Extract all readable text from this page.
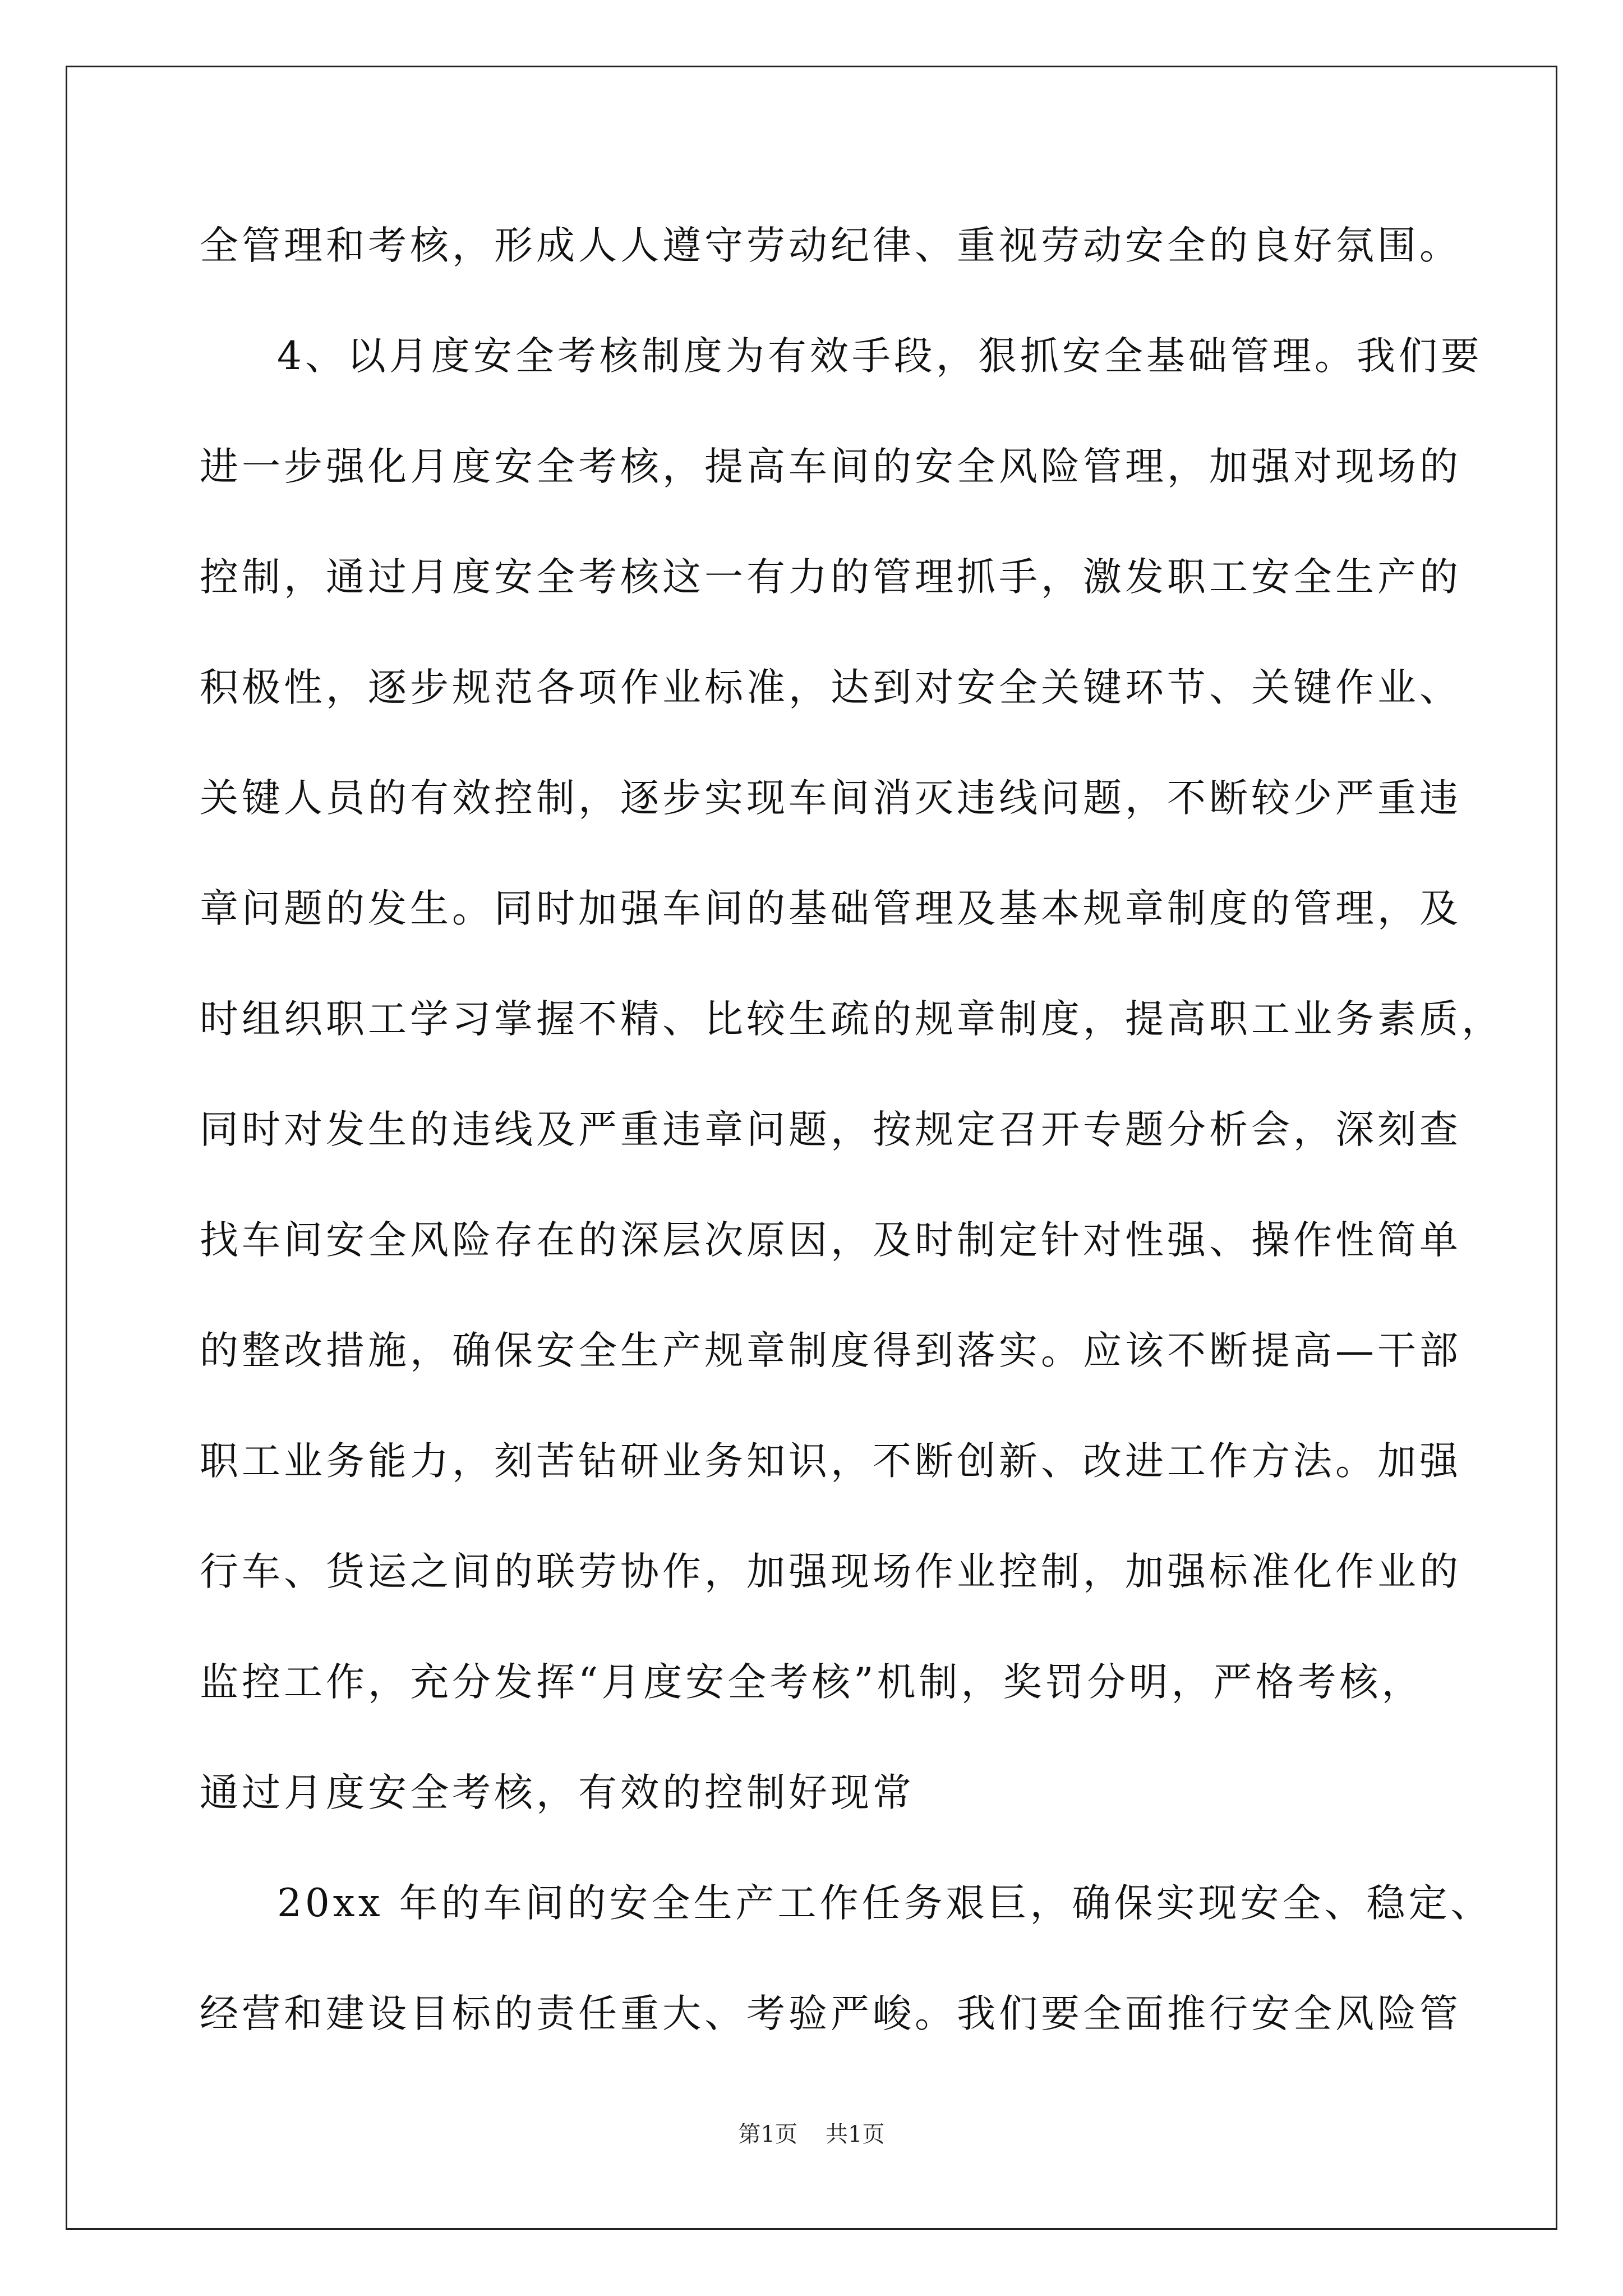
全管理和考核，形成人人遵守劳动纪律、重视劳动安全的良好氛围。
4、以月度安全考核制度为有效手段，狠抓安全基础管理。我们要
进一步强化月度安全考核，提高车间的安全风险管理，加强对现场的
控制，通过月度安全考核这一有力的管理抓手，激发职工安全生产的
积极性，逐步规范各项作业标准，达到对安全关键环节、关键作业、
关键人员的有效控制，逐步实现车间消灭违线问题，不断较少严重违
章问题的发生。同时加强车间的基础管理及基本规章制度的管理，及
时组织职工学习掌握不精、比较生疏的规章制度，提高职工业务素质，
同时对发生的违线及严重违章问题，按规定召开专题分析会，深刻查
找车间安全风险存在的深层次原因，及时制定针对性强、操作性简单
的整改措施，确保安全生产规章制度得到落实。应该不断提高—干部
职工业务能力，刻苦钻研业务知识，不断创新、改进工作方法。加强
行车、货运之间的联劳协作，加强现场作业控制，加强标准化作业的
监控工作，充分发挥“月度安全考核”机制，奖罚分明，严格考核，
通过月度安全考核，有效的控制好现常
20xx 年的车间的安全生产工作任务艰巨，确保实现安全、稳定、
经营和建设目标的责任重大、考验严峻。我们要全面推行安全风险管
第1页 共1页
